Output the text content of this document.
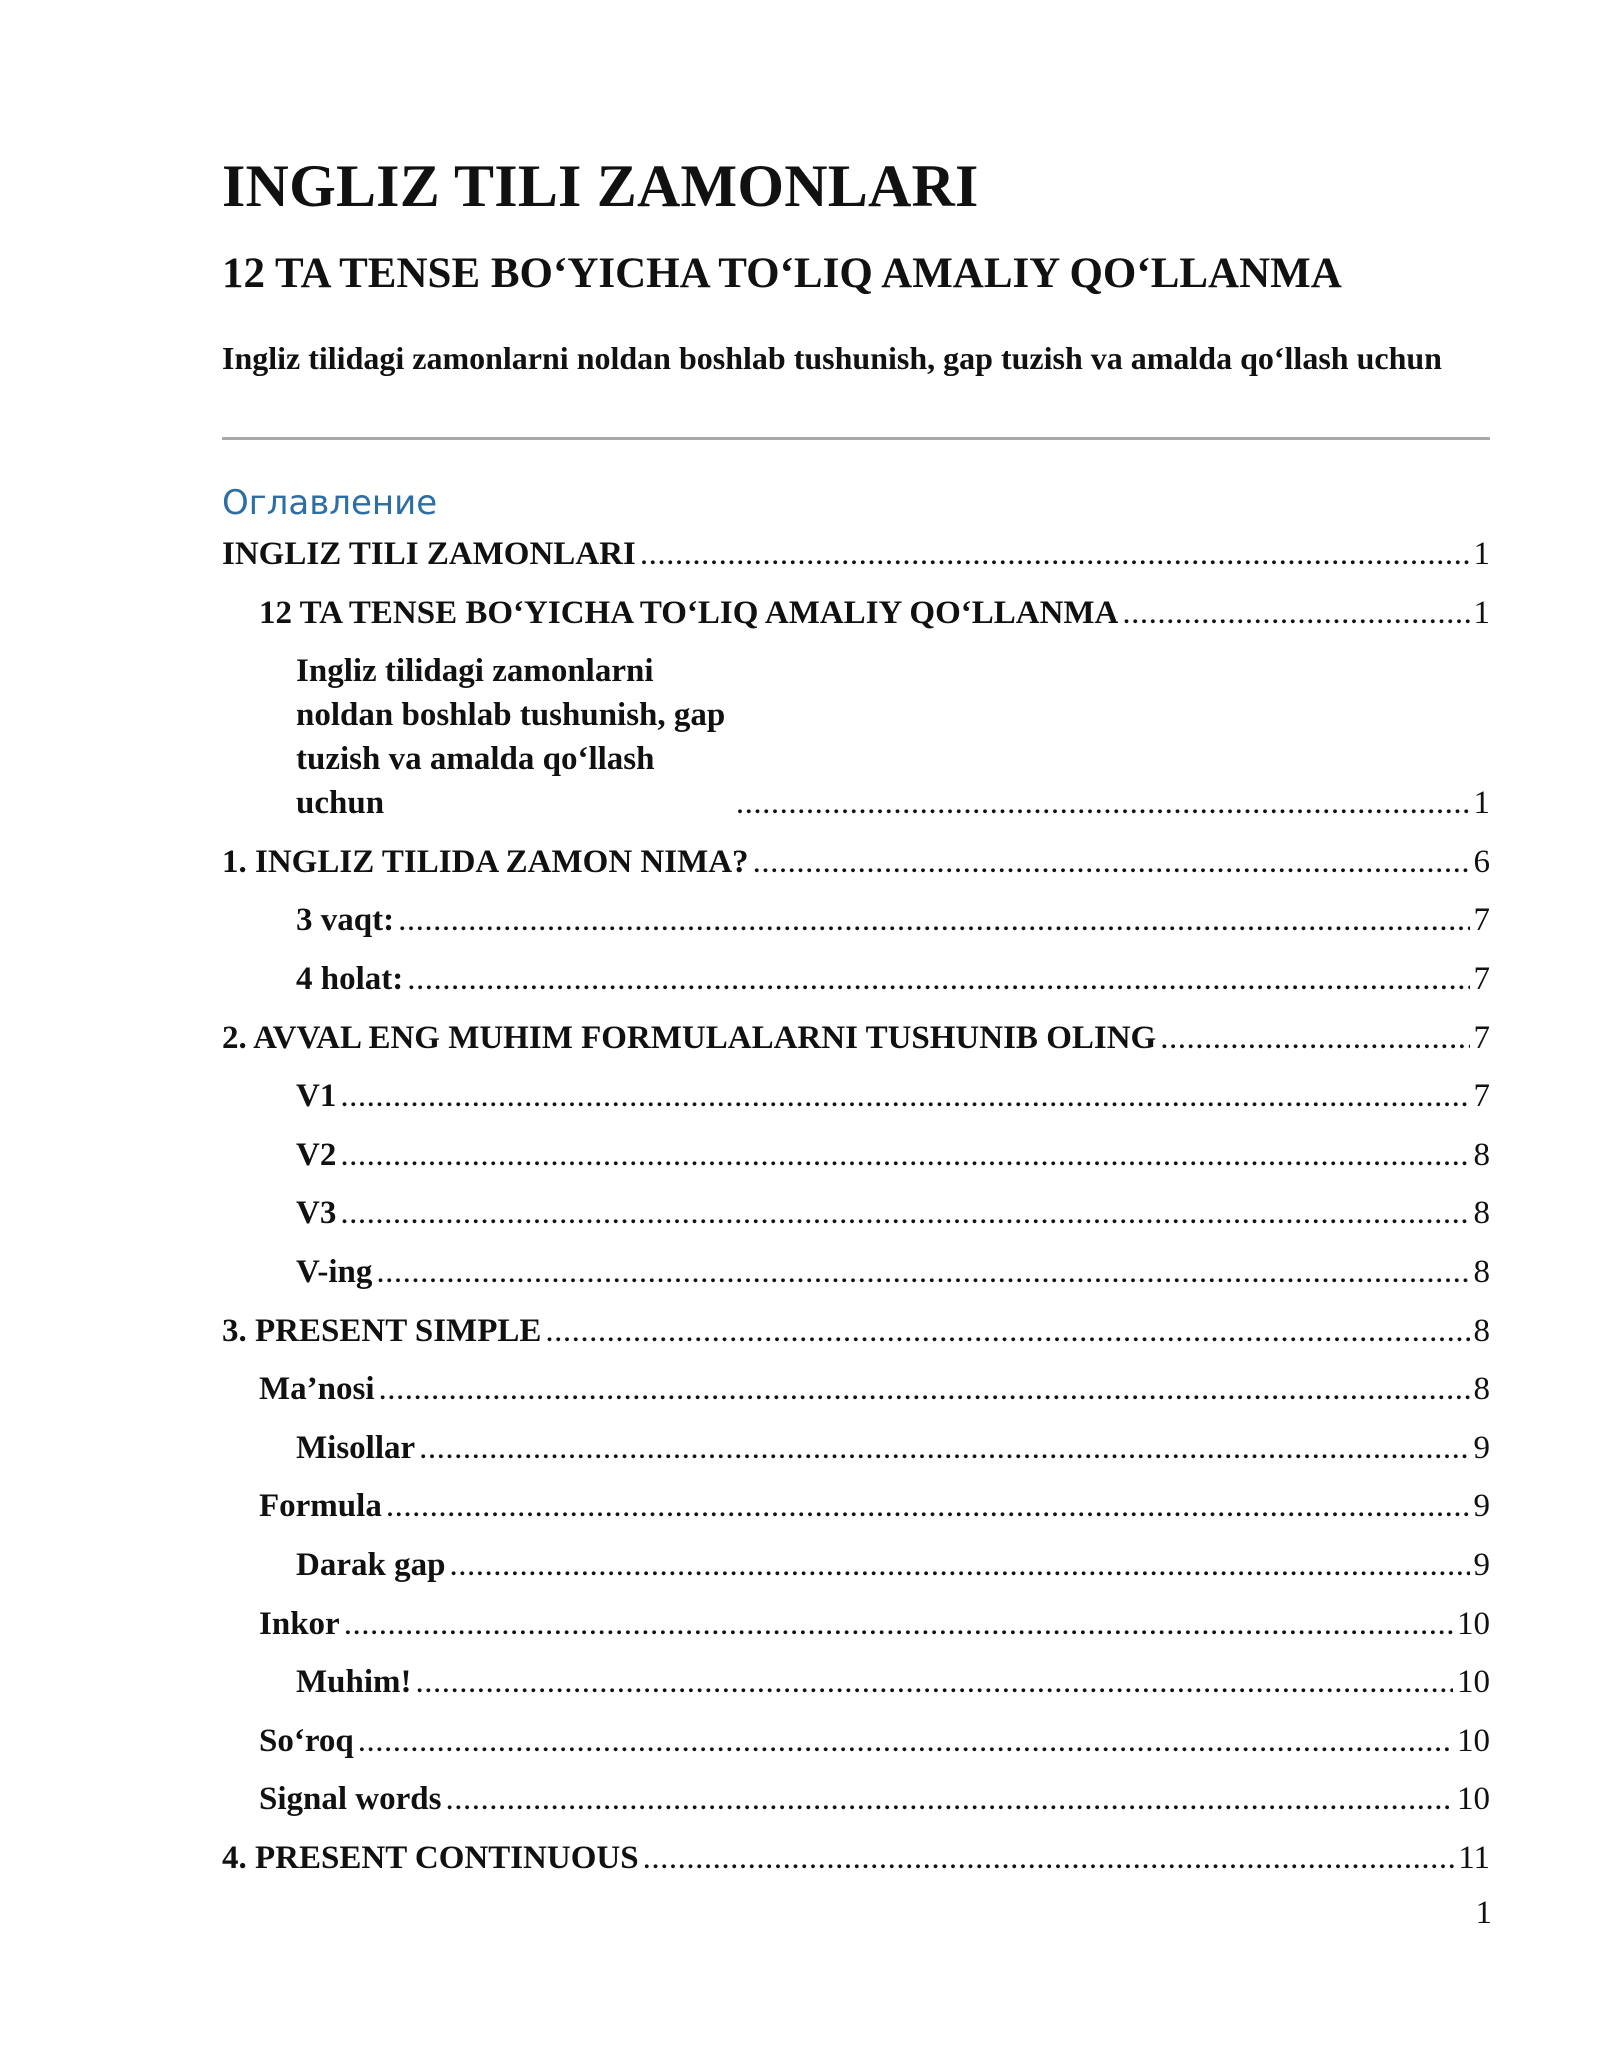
INGLIZ TILI ZAMONLARI
12 TA TENSE BO‘YICHA TO‘LIQ AMALIY QO‘LLANMA

Ingliz tilidagi zamonlarni noldan boshlab tushunish, gap tuzish va amalda qo‘llash uchun

Оглавление
INGLIZ TILI ZAMONLARI .....	1
12 TA TENSE BO‘YICHA TO‘LIQ AMALIY QO‘LLANMA .....	1
Ingliz tilidagi zamonlarni noldan boshlab tushunish, gap tuzish va amalda qo‘llash uchun .....	1
1. INGLIZ TILIDA ZAMON NIMA? .....	6
3 vaqt: .....	7
4 holat: .....	7
2. AVVAL ENG MUHIM FORMULALARNI TUSHUNIB OLING .....	7
V1 .....	7
V2 .....	8
V3 .....	8
V-ing .....	8
3. PRESENT SIMPLE .....	8
Ma’nosi .....	8
Misollar .....	9
Formula .....	9
Darak gap .....	9
Inkor .....	10
Muhim! .....	10
So‘roq .....	10
Signal words .....	10
4. PRESENT CONTINUOUS .....	11
1
